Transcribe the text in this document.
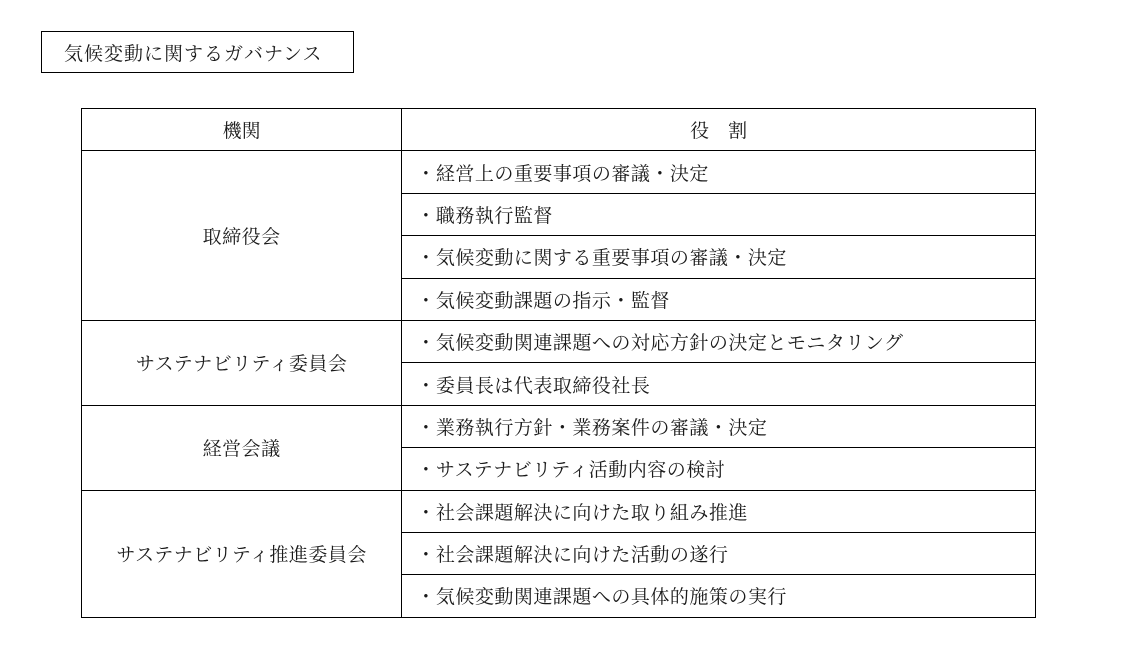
気候変動に関するガバナンス
機関	役　割
取締役会	・経営上の重要事項の審議・決定
	・職務執行監督
	・気候変動に関する重要事項の審議・決定
	・気候変動課題の指示・監督
サステナビリティ委員会	・気候変動関連課題への対応方針の決定とモニタリング
	・委員長は代表取締役社長
経営会議	・業務執行方針・業務案件の審議・決定
	・サステナビリティ活動内容の検討
サステナビリティ推進委員会	・社会課題解決に向けた取り組み推進
	・社会課題解決に向けた活動の遂行
	・気候変動関連課題への具体的施策の実行
